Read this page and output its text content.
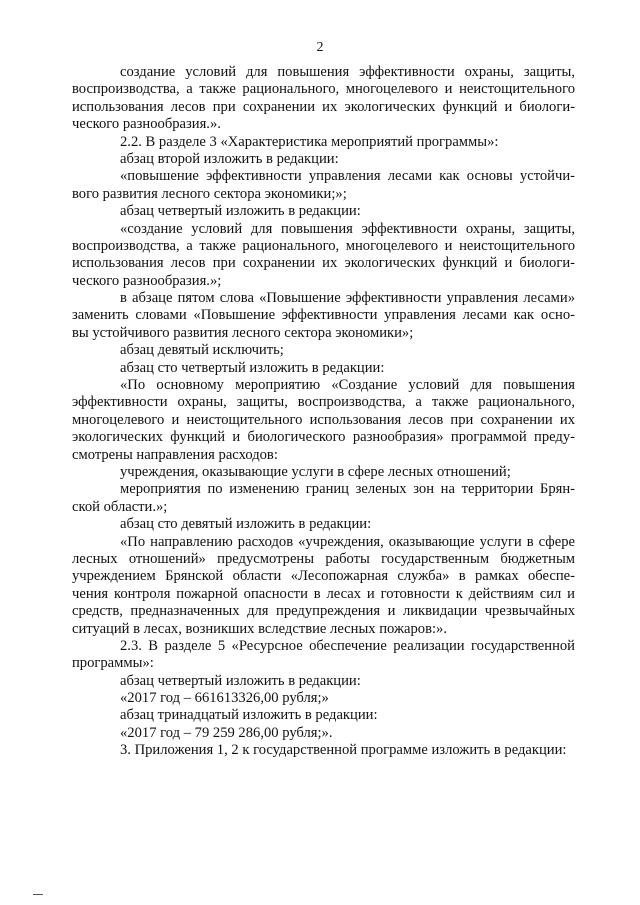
2
создание условий для повышения эффективности охраны, защиты,
воспроизводства, а также рационального, многоцелевого и неистощительного
использования лесов при сохранении их экологических функций и биологи-
ческого разнообразия.».
2.2. В разделе 3 «Характеристика мероприятий программы»:
абзац второй изложить в редакции:
«повышение эффективности управления лесами как основы устойчи-
вого развития лесного сектора экономики;»;
абзац четвертый изложить в редакции:
«создание условий для повышения эффективности охраны, защиты,
воспроизводства, а также рационального, многоцелевого и неистощительного
использования лесов при сохранении их экологических функций и биологи-
ческого разнообразия.»;
в абзаце пятом слова «Повышение эффективности управления лесами»
заменить словами «Повышение эффективности управления лесами как осно-
вы устойчивого развития лесного сектора экономики»;
абзац девятый исключить;
абзац сто четвертый изложить в редакции:
«По основному мероприятию «Создание условий для повышения
эффективности охраны, защиты, воспроизводства, а также рационального,
многоцелевого и неистощительного использования лесов при сохранении их
экологических функций и биологического разнообразия» программой преду-
смотрены направления расходов:
учреждения, оказывающие услуги в сфере лесных отношений;
мероприятия по изменению границ зеленых зон на территории Брян-
ской области.»;
абзац сто девятый изложить в редакции:
«По направлению расходов «учреждения, оказывающие услуги в сфере
лесных отношений» предусмотрены работы государственным бюджетным
учреждением Брянской области «Лесопожарная служба» в рамках обеспе-
чения контроля пожарной опасности в лесах и готовности к действиям сил и
средств, предназначенных для предупреждения и ликвидации чрезвычайных
ситуаций в лесах, возникших вследствие лесных пожаров:».
2.3. В разделе 5 «Ресурсное обеспечение реализации государственной
программы»:
абзац четвертый изложить в редакции:
«2017 год – 661613326,00 рубля;»
абзац тринадцатый изложить в редакции:
«2017 год – 79 259 286,00 рубля;».
3. Приложения 1, 2 к государственной программе изложить в редакции:
